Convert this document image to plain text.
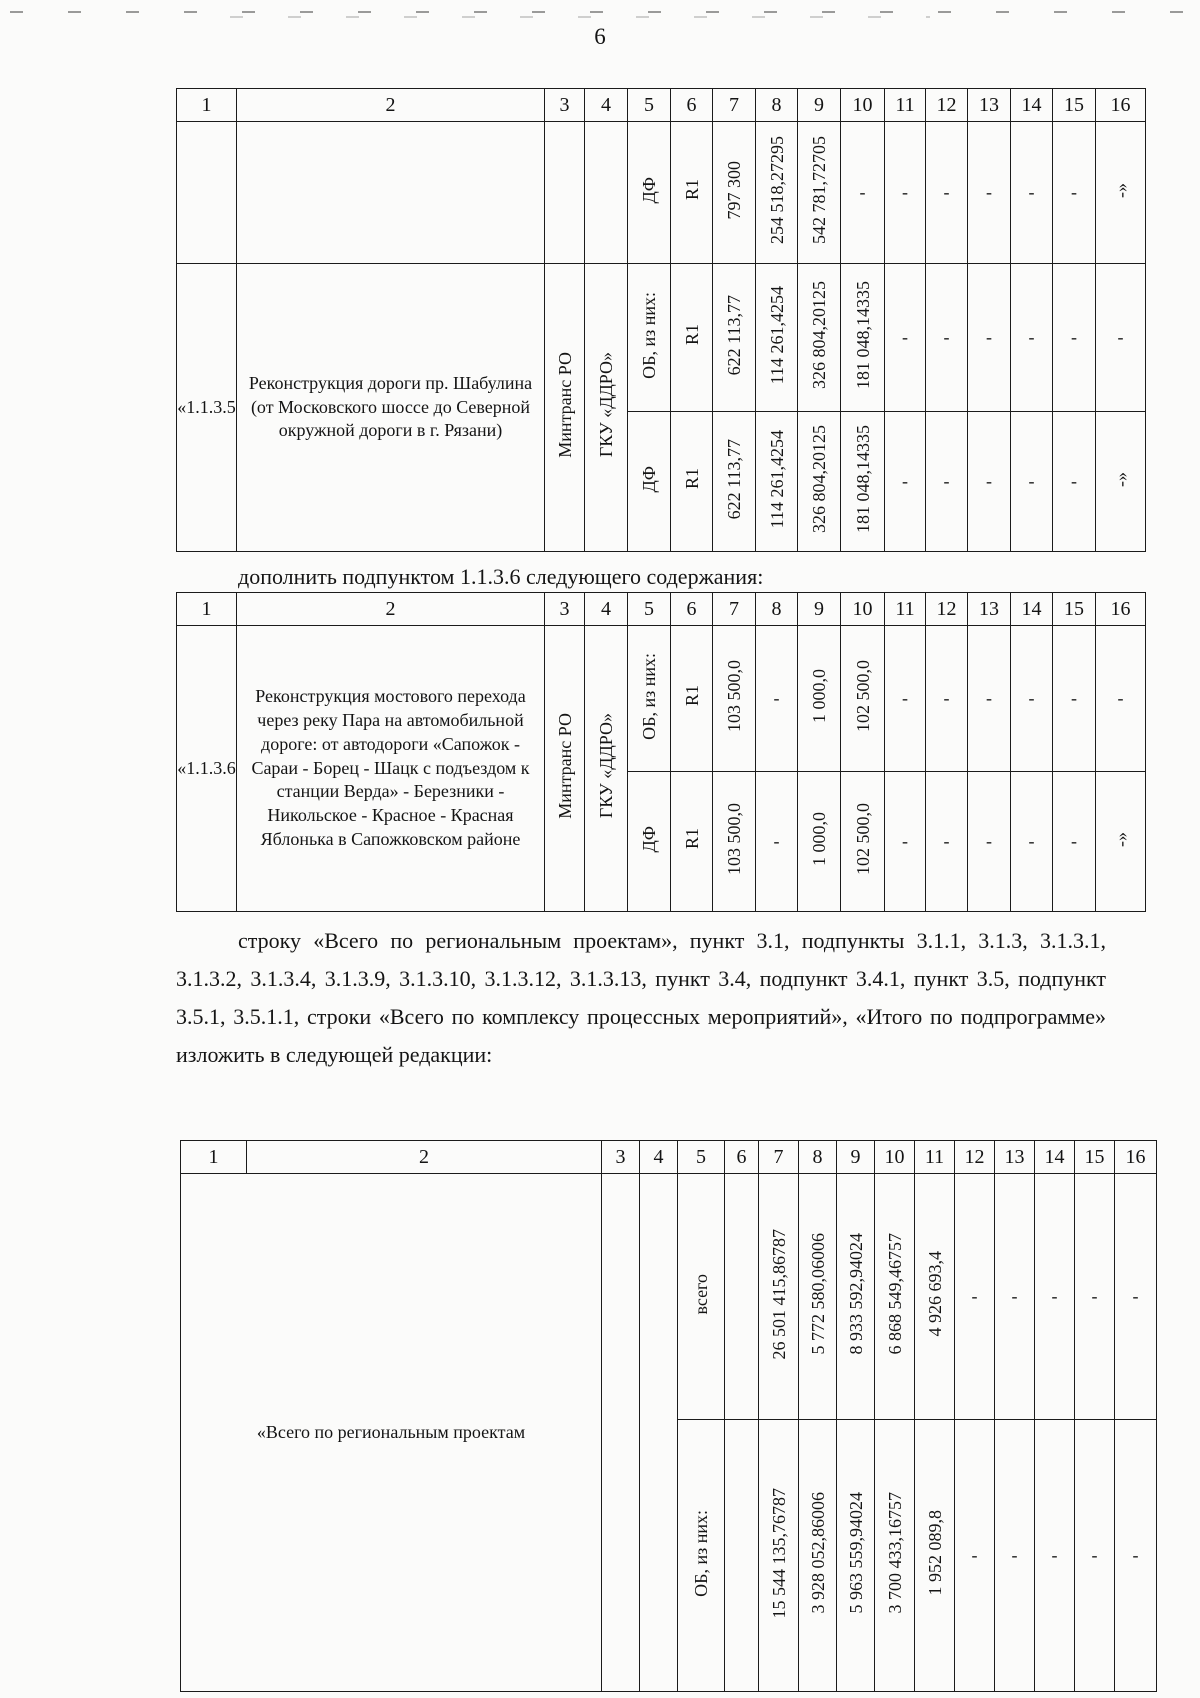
6
1	2	3	4	5	6	7	8	9	10	11	12	13	14	15	16
				ДФ	R1	797 300	254 518,27295	542 781,72705	-	-	-	-	-	-	-»
«1.1.3.5	Реконструкция дороги пр. Шабулина (от Московского шоссе до Северной окружной дороги в г. Рязани)	Минтранс РО	ГКУ «ДДРО»	ОБ, из них:	R1	622 113,77	114 261,4254	326 804,20125	181 048,14335	-	-	-	-	-	-
				ДФ	R1	622 113,77	114 261,4254	326 804,20125	181 048,14335	-	-	-	-	-	-»
дополнить подпунктом 1.1.3.6 следующего содержания:
1	2	3	4	5	6	7	8	9	10	11	12	13	14	15	16
«1.1.3.6	Реконструкция мостового перехода через реку Пара на автомобильной дороге: от автодороги «Сапожок - Сараи - Борец - Шацк с подъездом к станции Верда» - Березники - Никольское - Красное - Красная Яблонька в Сапожковском районе	Минтранс РО	ГКУ «ДДРО»	ОБ, из них:	R1	103 500,0	-	1 000,0	102 500,0	-	-	-	-	-	-
				ДФ	R1	103 500,0	-	1 000,0	102 500,0	-	-	-	-	-	-»
строку «Всего по региональным проектам», пункт 3.1, подпункты 3.1.1, 3.1.3, 3.1.3.1, 3.1.3.2, 3.1.3.4, 3.1.3.9, 3.1.3.10, 3.1.3.12, 3.1.3.13, пункт 3.4, подпункт 3.4.1, пункт 3.5, подпункт 3.5.1, 3.5.1.1, строки «Всего по комплексу процессных мероприятий», «Итого по подпрограмме» изложить в следующей редакции:
1	2	3	4	5	6	7	8	9	10	11	12	13	14	15	16
«Всего по региональным проектам				всего		26 501 415,86787	5 772 580,06006	8 933 592,94024	6 868 549,46757	4 926 693,4	-	-	-	-	-
				ОБ, из них:		15 544 135,76787	3 928 052,86006	5 963 559,94024	3 700 433,16757	1 952 089,8	-	-	-	-	-
